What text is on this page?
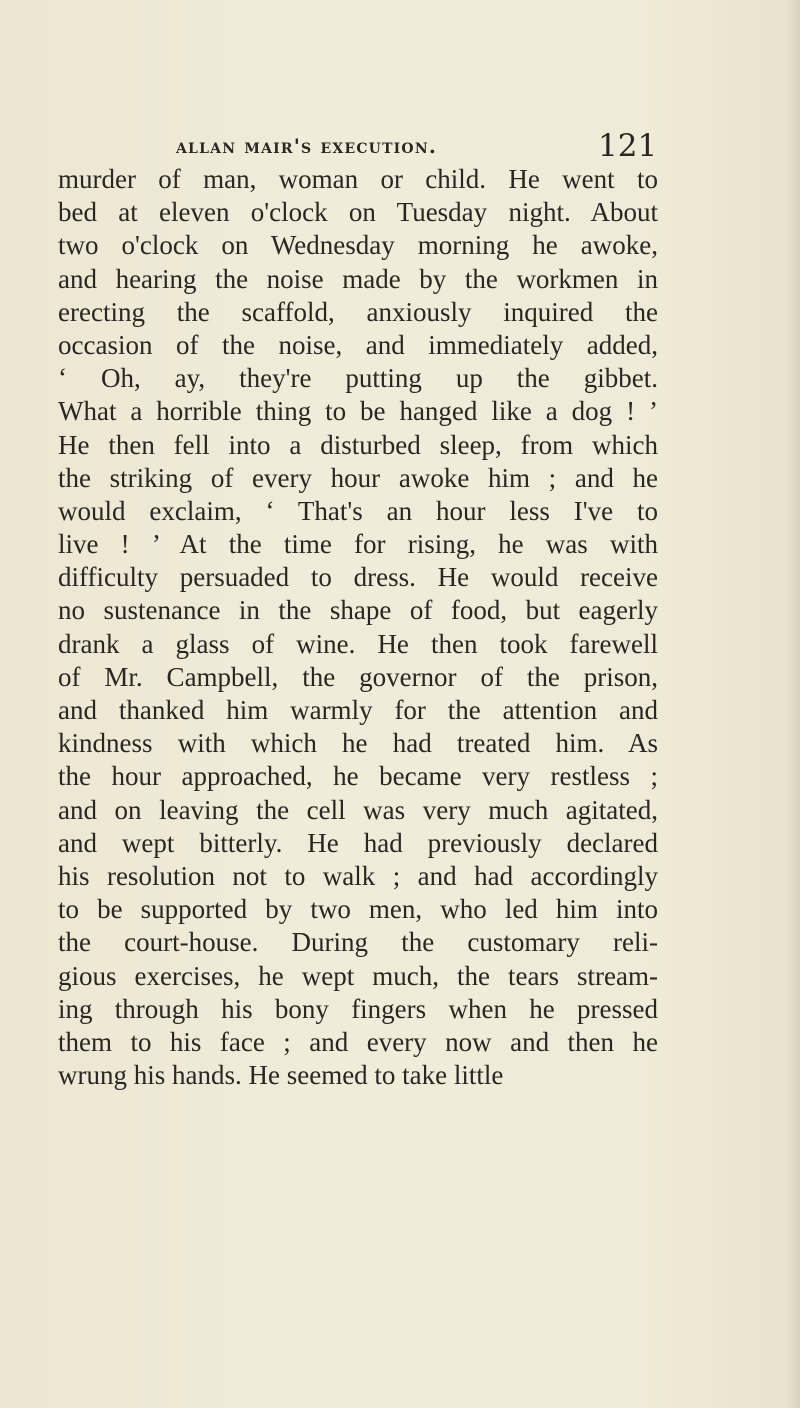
allan mair's execution.	121
murder of man, woman or child. He went to
bed at eleven o'clock on Tuesday night. About
two o'clock on Wednesday morning he awoke,
and hearing the noise made by the workmen in
erecting the scaffold, anxiously inquired the
occasion of the noise, and immediately added,
‘ Oh, ay, they're putting up the gibbet.
What a horrible thing to be hanged like a dog ! ’
He then fell into a disturbed sleep, from which
the striking of every hour awoke him ; and he
would exclaim, ‘ That's an hour less I've to
live ! ’ At the time for rising, he was with
difficulty persuaded to dress. He would receive
no sustenance in the shape of food, but eagerly
drank a glass of wine. He then took farewell
of Mr. Campbell, the governor of the prison,
and thanked him warmly for the attention and
kindness with which he had treated him. As
the hour approached, he became very restless ;
and on leaving the cell was very much agitated,
and wept bitterly. He had previously declared
his resolution not to walk ; and had accordingly
to be supported by two men, who led him into
the court-house. During the customary reli-
gious exercises, he wept much, the tears stream-
ing through his bony fingers when he pressed
them to his face ; and every now and then he
wrung his hands. He seemed to take little
